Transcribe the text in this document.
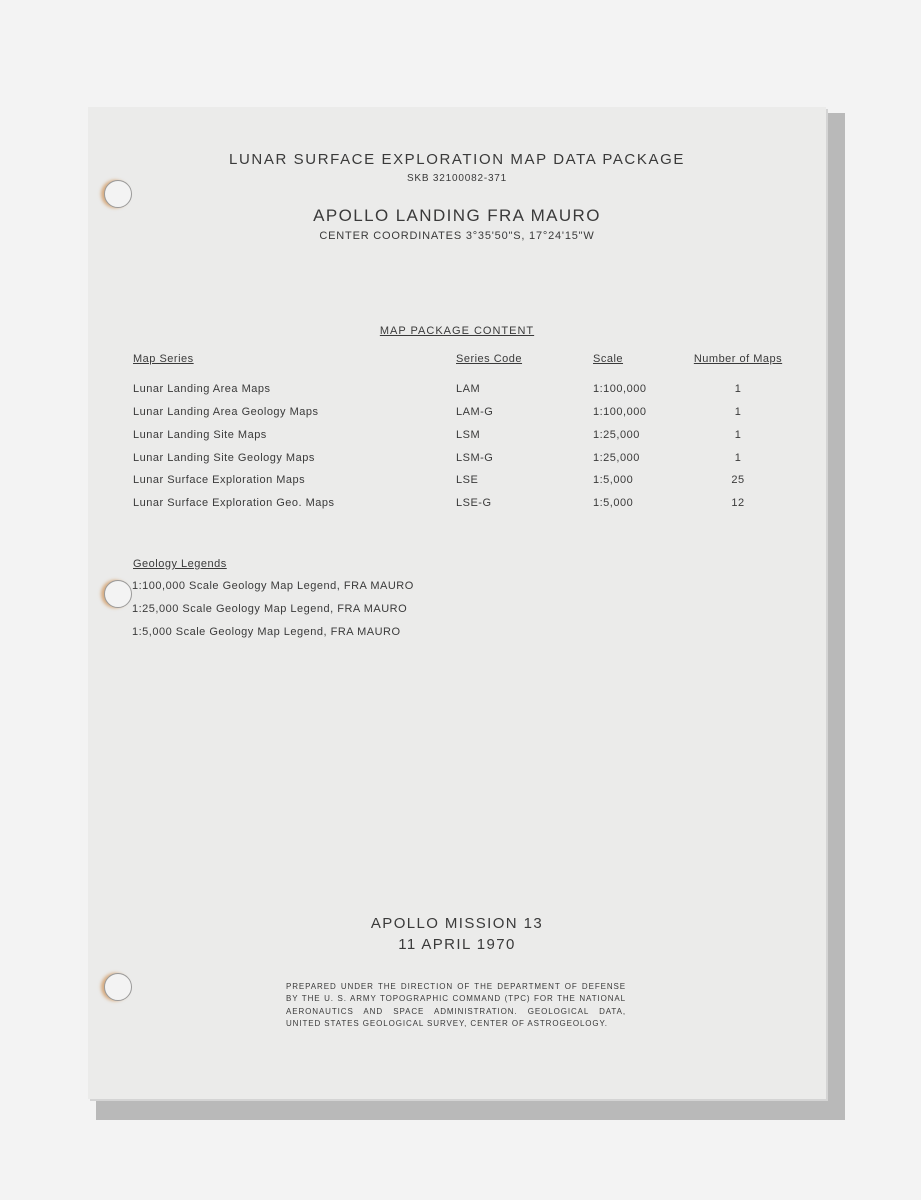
LUNAR SURFACE EXPLORATION MAP DATA PACKAGE
SKB 32100082-371
APOLLO LANDING FRA MAURO
CENTER COORDINATES 3°35'50"S, 17°24'15"W
MAP PACKAGE CONTENT
Map Series	Series Code	Scale	Number of Maps
Lunar Landing Area Maps	LAM	1:100,000	1
Lunar Landing Area Geology Maps	LAM-G	1:100,000	1
Lunar Landing Site Maps	LSM	1:25,000	1
Lunar Landing Site Geology Maps	LSM-G	1:25,000	1
Lunar Surface Exploration Maps	LSE	1:5,000	25
Lunar Surface Exploration Geo. Maps	LSE-G	1:5,000	12
Geology Legends
1:100,000 Scale Geology Map Legend, FRA MAURO
1:25,000 Scale Geology Map Legend, FRA MAURO
1:5,000 Scale Geology Map Legend, FRA MAURO
APOLLO MISSION 13
11 APRIL 1970
PREPARED UNDER THE DIRECTION OF THE DEPARTMENT OF DEFENSE BY THE U. S. ARMY TOPOGRAPHIC COMMAND (TPC) FOR THE NATIONAL AERONAUTICS AND SPACE ADMINISTRATION. GEOLOGICAL DATA, UNITED STATES GEOLOGICAL SURVEY, CENTER OF ASTROGEOLOGY.
